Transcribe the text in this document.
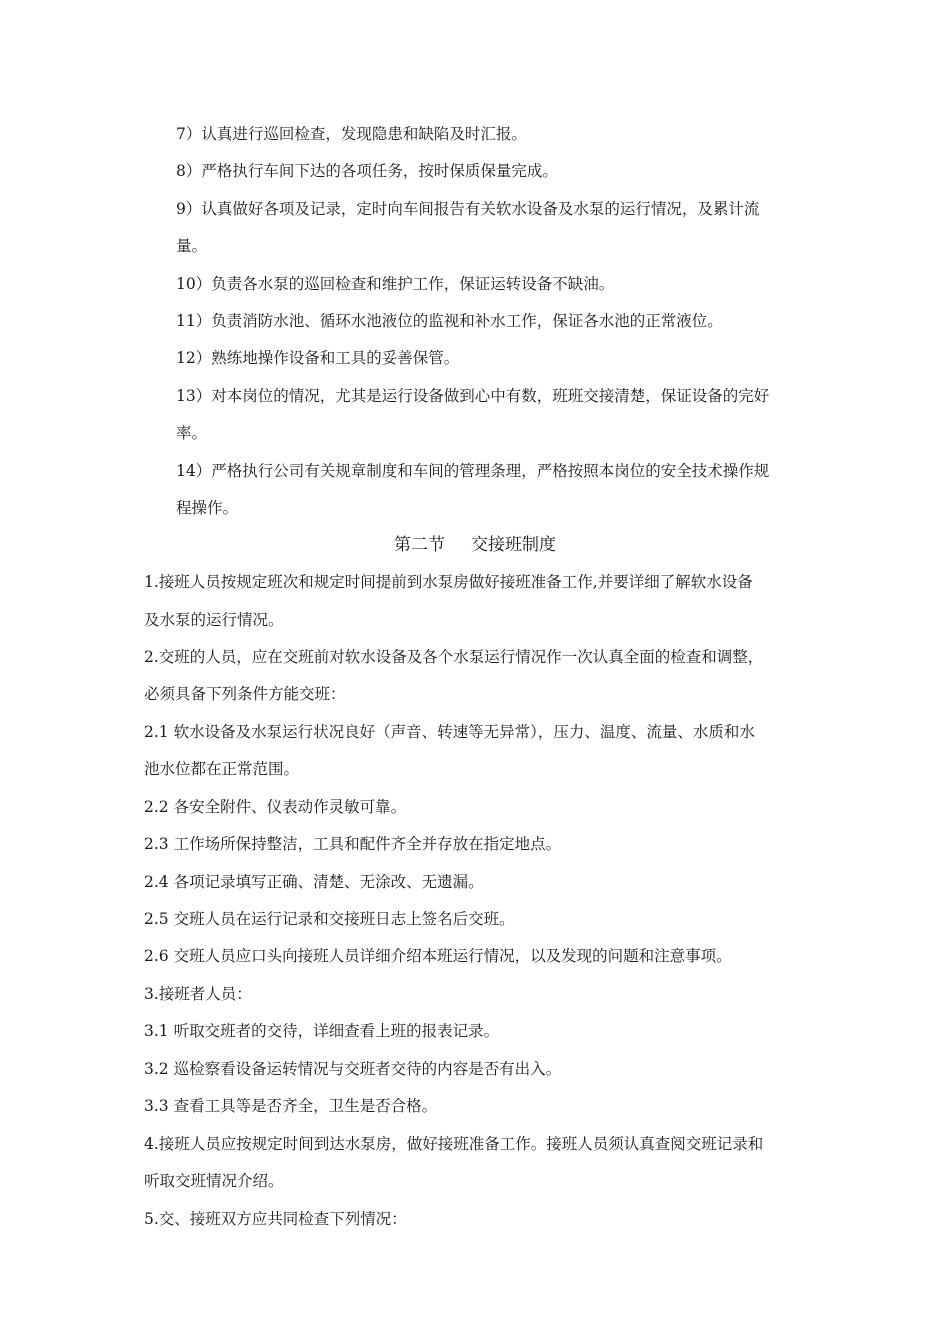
7）认真进行巡回检查，发现隐患和缺陷及时汇报。
8）严格执行车间下达的各项任务，按时保质保量完成。
9）认真做好各项及记录，定时向车间报告有关软水设备及水泵的运行情况，及累计流
量。
10）负责各水泵的巡回检查和维护工作，保证运转设备不缺油。
11）负责消防水池、循环水池液位的监视和补水工作，保证各水池的正常液位。
12）熟练地操作设备和工具的妥善保管。
13）对本岗位的情况，尤其是运行设备做到心中有数，班班交接清楚，保证设备的完好
率。
14）严格执行公司有关规章制度和车间的管理条理，严格按照本岗位的安全技术操作规
程操作。
第二节 交接班制度
1.接班人员按规定班次和规定时间提前到水泵房做好接班准备工作,并要详细了解软水设备
及水泵的运行情况。
2.交班的人员，应在交班前对软水设备及各个水泵运行情况作一次认真全面的检查和调整，
必须具备下列条件方能交班：
2.1 软水设备及水泵运行状况良好（声音、转速等无异常），压力、温度、流量、水质和水
池水位都在正常范围。
2.2 各安全附件、仪表动作灵敏可靠。
2.3 工作场所保持整洁，工具和配件齐全并存放在指定地点。
2.4 各项记录填写正确、清楚、无涂改、无遗漏。
2.5 交班人员在运行记录和交接班日志上签名后交班。
2.6 交班人员应口头向接班人员详细介绍本班运行情况，以及发现的问题和注意事项。
3.接班者人员：
3.1 听取交班者的交待，详细查看上班的报表记录。
3.2 巡检察看设备运转情况与交班者交待的内容是否有出入。
3.3 查看工具等是否齐全，卫生是否合格。
4.接班人员应按规定时间到达水泵房，做好接班准备工作。接班人员须认真查阅交班记录和
听取交班情况介绍。
5.交、接班双方应共同检查下列情况：
